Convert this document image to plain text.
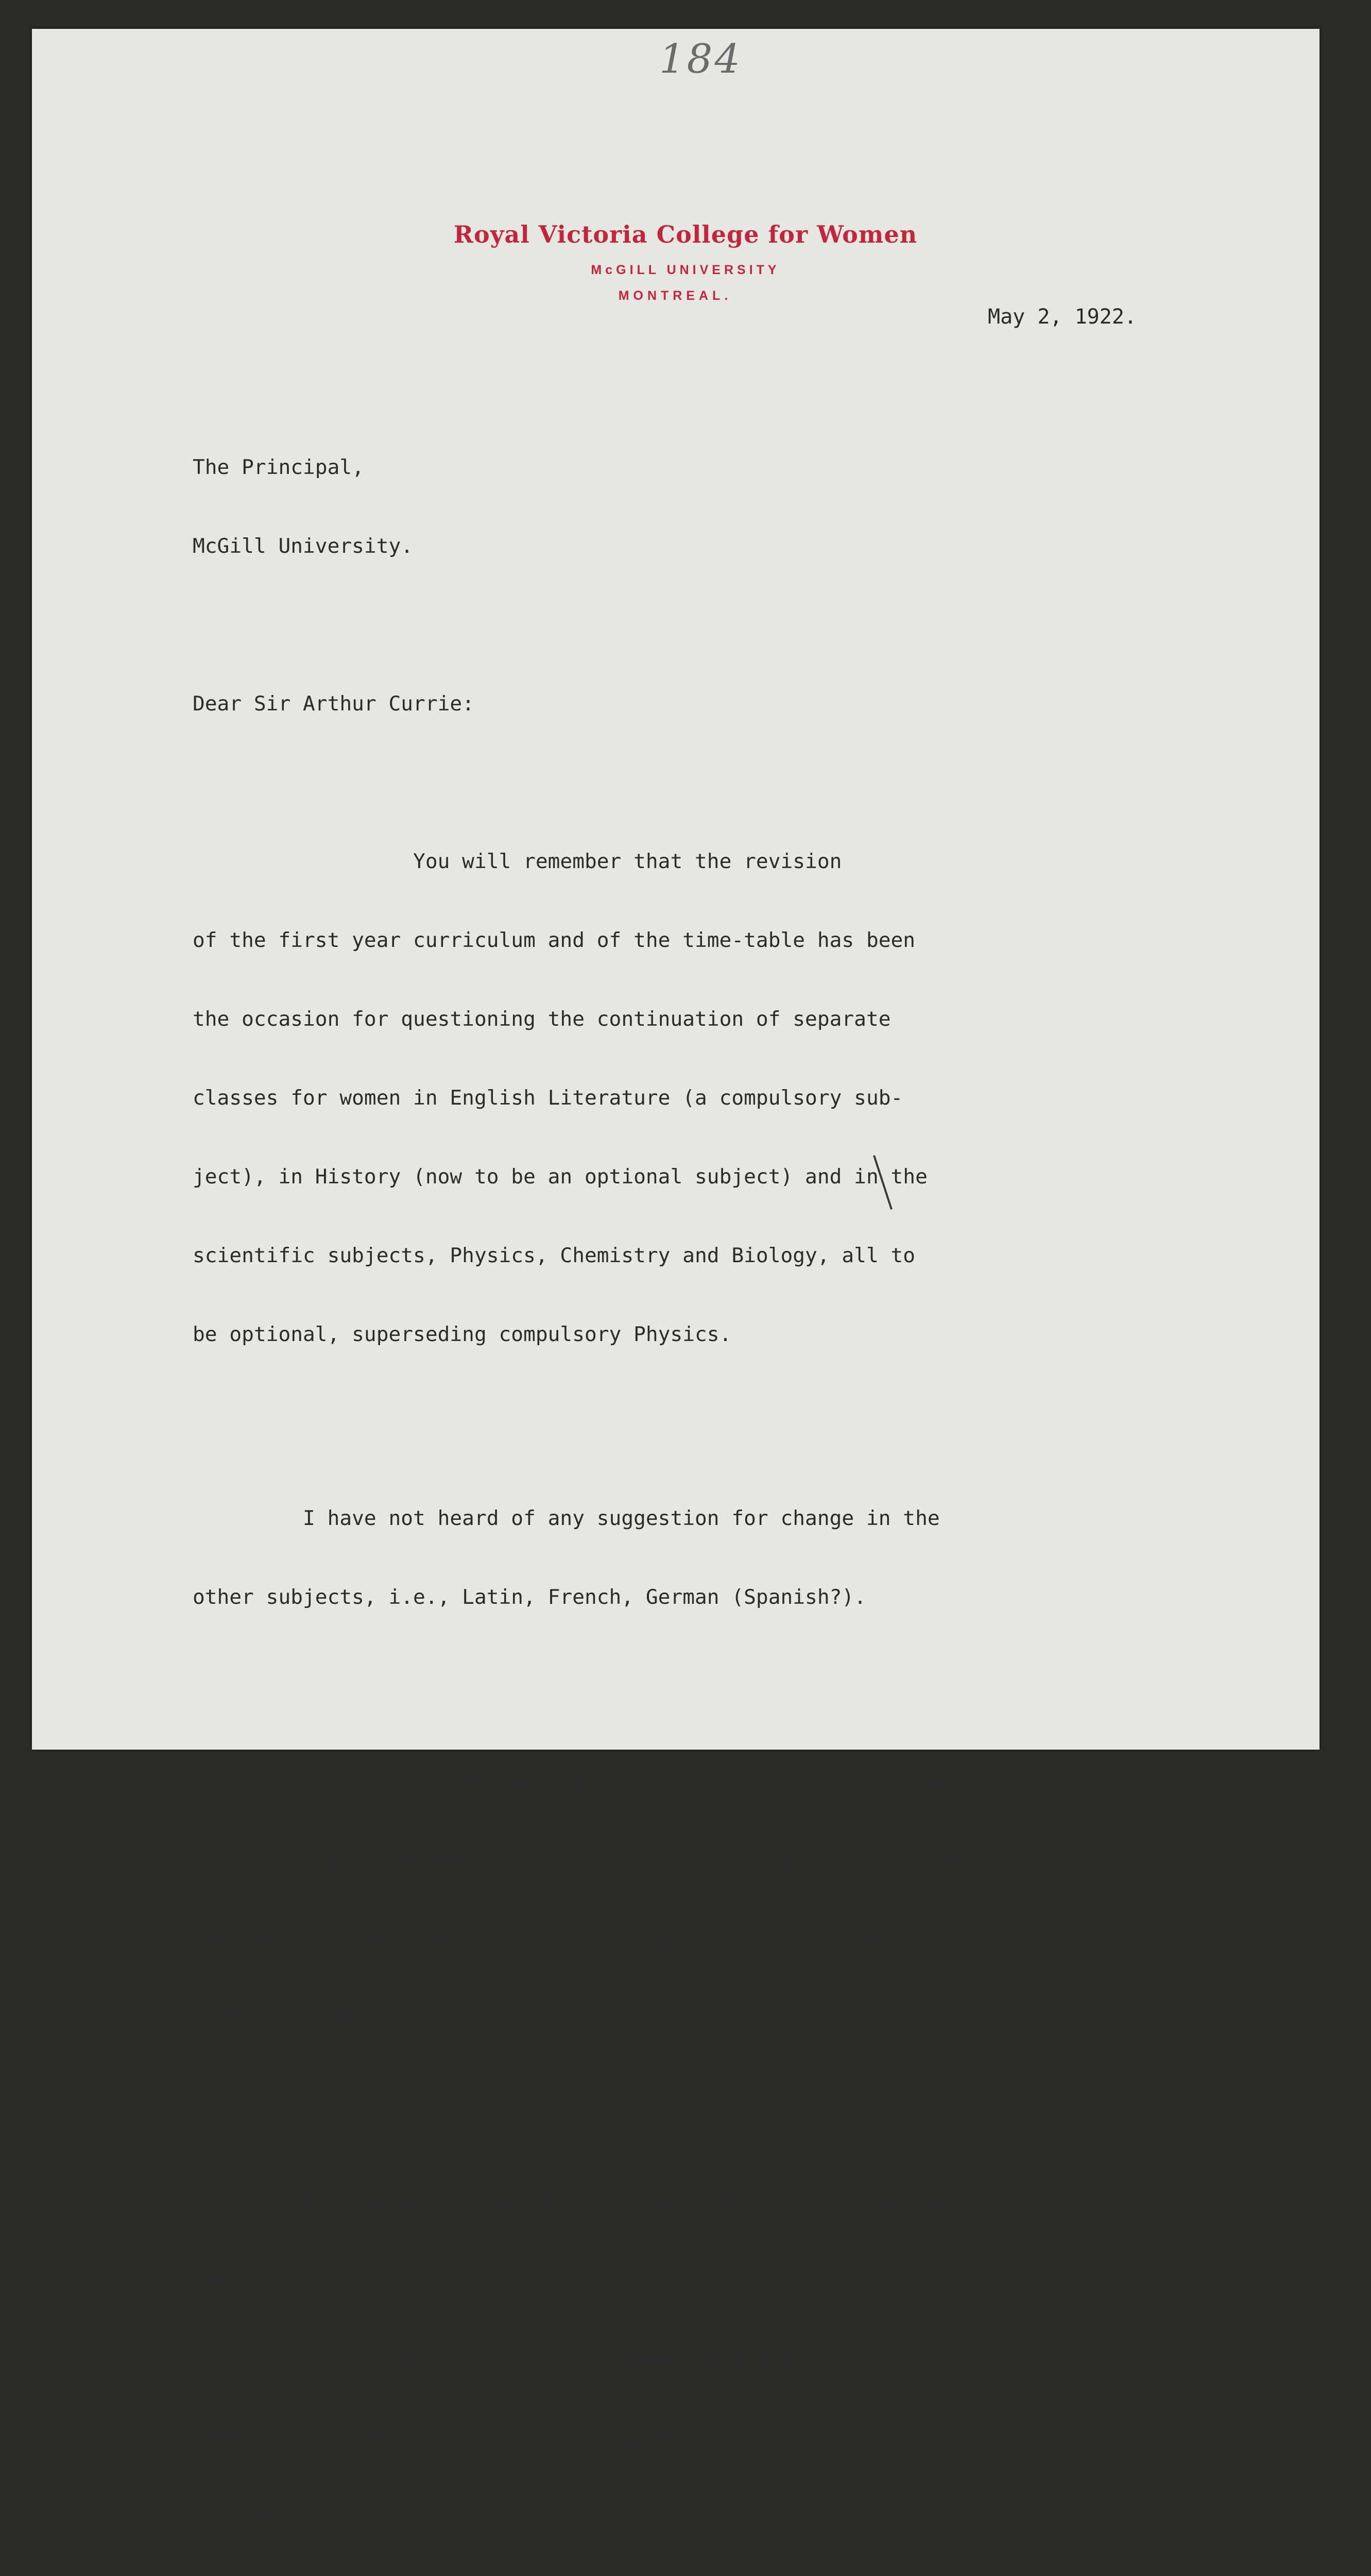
184
Royal Victoria College for Women
McGILL UNIVERSITY
MONTREAL.
May 2, 1922.

The Principal,

McGill University.

Dear Sir Arthur Currie:

You will remember that the revision

of the first year curriculum and of the time-table has been

the occasion for questioning the continuation of separate

classes for women in English Literature (a compulsory sub-

ject), in History (now to be an optional subject) and in the

scientific subjects, Physics, Chemistry and Biology, all to

be optional, superseding compulsory Physics.

I have not heard of any suggestion for change in the

other subjects, i.e., Latin, French, German (Spanish?).

Professor MacMillan and Professor Basil Williams have

now both approached me with inquiries, and the matter should be

considered without delay, if possible before the next meeting

of Faculty (May 5th).

If I understand aright, Professor MacMillan presents

the following three alternatives:-

(1)    Joint lectures for women with men in Arts,

commerce, pre-Medicine, in round figures about 250 men and

85 women.
